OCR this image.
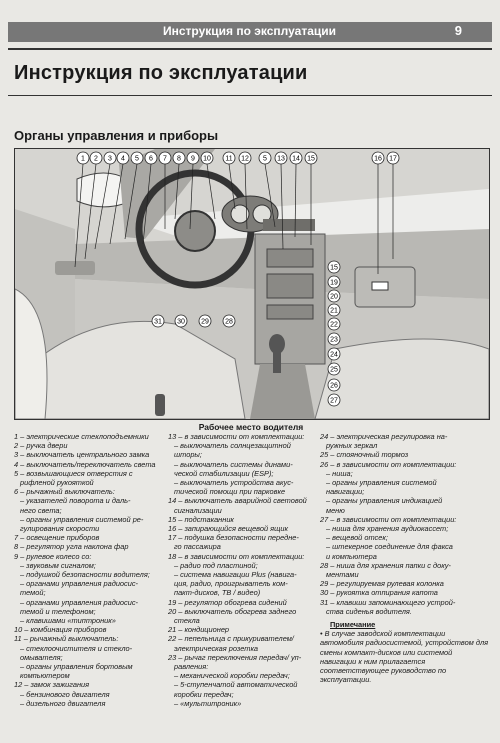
Инструкция по эксплуатации	9
Инструкция по эксплуатации
Органы управления и приборы
1 2 3 4 5 6 7 8 9 10 11 12 5 13 14 15	16 17
19
20
21
22
23
24
25
26
27
15
31 30 29 28
Рабочее место водителя
1 – электрические стеклоподъемники
2 – ручка двери
3 – выключатель центрального замка
4 – выключатель/переключатель света
5 – возвышающиеся отверстия с
рифленой рукояткой
6 – рычажный выключатель:
– указателей поворота и даль-
него света;
– органы управления системой ре-
гулирования скорости
7 – освещение приборов
8 – регулятор угла наклона фар
9 – рулевое колесо со:
– звуковым сигналом;
– подушкой безопасности водителя;
– органами управления радиосис-
темой;
– органами управления радиосис-
темой и телефоном;
– клавишами «типтроник»
10 – комбинация приборов
11 – рычажный выключатель:
– стеклоочистителя и стекло-
омывателя;
– органы управления бортовым
компьютером
12 – замок зажигания
– бензинового двигателя
– дизельного двигателя
13 – в зависимости от комплектации:
– выключатель солнцезащитной
шторы;
– выключатель системы динами-
ческой стабилизации (ESP);
– выключатель устройства акус-
тической помощи при парковке
14 – выключатель аварийной световой
сигнализации
15 – подстаканник
16 – запирающийся вещевой ящик
17 – подушка безопасности передне-
го пассажира
18 – в зависимости от комплектации:
– радио под пластиной;
– система навигации Plus (навига-
ция, радио, проигрыватель ком-
пакт-дисков, ТВ / видео)
19 – регулятор обогрева сидений
20 – выключатель обогрева заднего
стекла
21 – кондиционер
22 – пепельница с прикуривателем/
электрическая розетка
23 – рычаг переключения передач/ уп-
равления:
– механической коробки передач;
– 5-ступенчатой автоматической
коробки передач;
– «мультитроник»
24 – электрическая регулировка на-
ружных зеркал
25 – стояночный тормоз
26 – в зависимости от комплектации:
– ниша;
– органы управления системой
навигации;
– органы управления индикацией
меню
27 – в зависимости от комплектации:
– ниша для хранения аудиокассет;
– вещевой отсек;
– штекерное соединение для факса
и компьютера
28 – ниша для хранения папки с доку-
ментами
29 – регулируемая рулевая колонка
30 – рукоятка отпирания капота
31 – клавиши запоминающего устрой-
ства сиденья водителя.
Примечание
• В случае заводской комплектации автомобиля радиосистемой, устройством для смены компакт-дисков или системой навигации к ним прилагается соответствующее руководство по эксплуатации.
